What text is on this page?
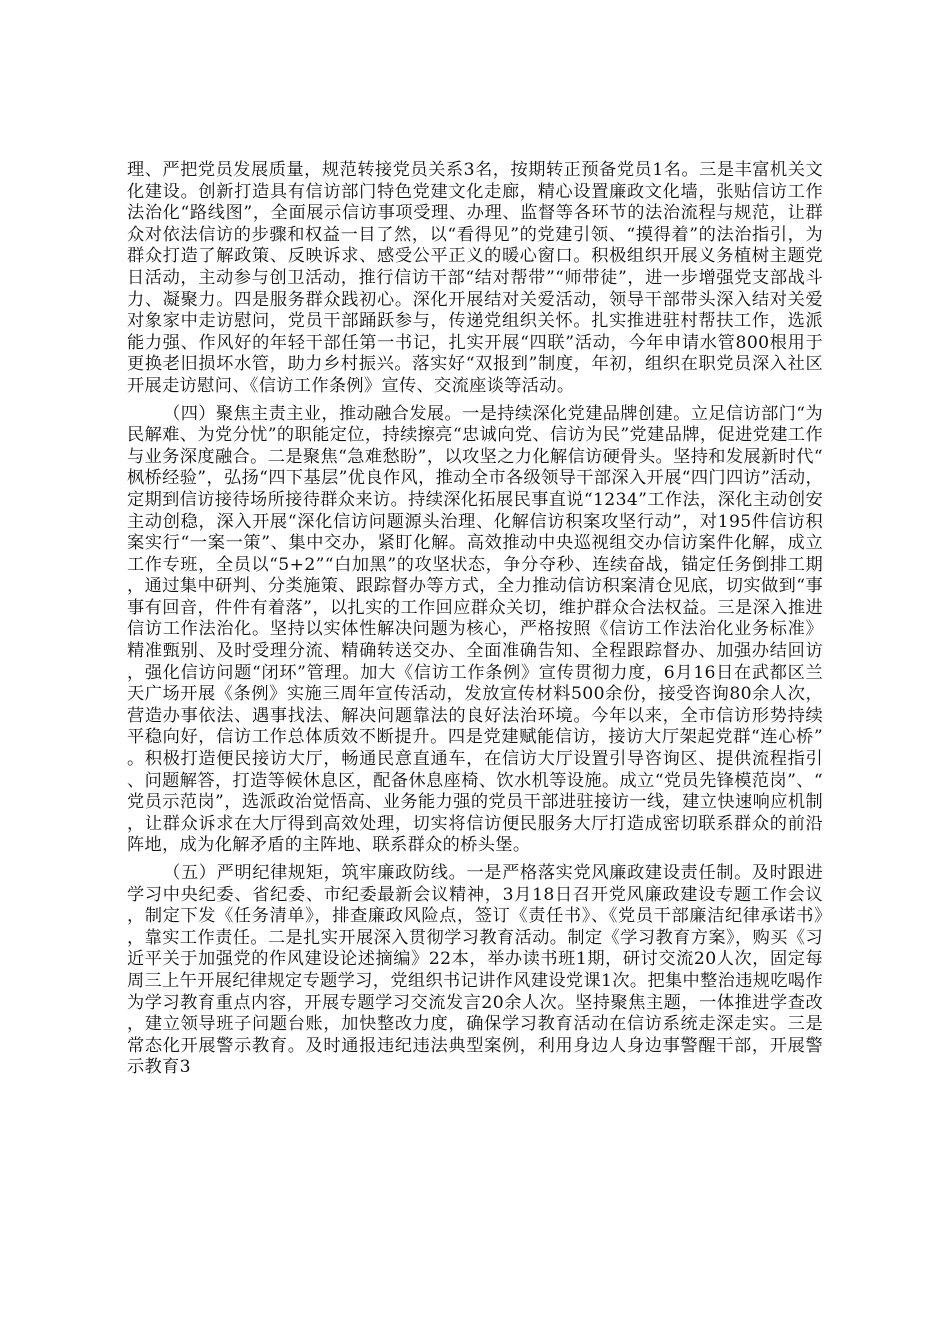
理、严把党员发展质量，规范转接党员关系3名，按期转正预备党员1名。三是丰富机关文化建设。创新打造具有信访部门特色党建文化走廊，精心设置廉政文化墙，张贴信访工作法治化“路线图”，全面展示信访事项受理、办理、监督等各环节的法治流程与规范，让群众对依法信访的步骤和权益一目了然，以“看得见”的党建引领、“摸得着”的法治指引，为群众打造了解政策、反映诉求、感受公平正义的暖心窗口。积极组织开展义务植树主题党日活动，主动参与创卫活动，推行信访干部“结对帮带”“师带徒”，进一步增强党支部战斗力、凝聚力。四是服务群众践初心。深化开展结对关爱活动，领导干部带头深入结对关爱对象家中走访慰问，党员干部踊跃参与，传递党组织关怀。扎实推进驻村帮扶工作，选派能力强、作风好的年轻干部任第一书记，扎实开展“四联”活动，今年申请水管800根用于更换老旧损坏水管，助力乡村振兴。落实好“双报到”制度，年初，组织在职党员深入社区开展走访慰问、《信访工作条例》宣传、交流座谈等活动。

（四）聚焦主责主业，推动融合发展。一是持续深化党建品牌创建。立足信访部门“为民解难、为党分忧”的职能定位，持续擦亮“忠诚向党、信访为民”党建品牌，促进党建工作与业务深度融合。二是聚焦“急难愁盼”，以攻坚之力化解信访硬骨头。坚持和发展新时代“枫桥经验”，弘扬“四下基层”优良作风，推动全市各级领导干部深入开展“四门四访”活动，定期到信访接待场所接待群众来访。持续深化拓展民事直说“1234”工作法，深化主动创安主动创稳，深入开展“深化信访问题源头治理、化解信访积案攻坚行动”，对195件信访积案实行“一案一策”、集中交办，紧盯化解。高效推动中央巡视组交办信访案件化解，成立工作专班，全员以“5+2”“白加黑”的攻坚状态，争分夺秒、连续奋战，锚定任务倒排工期，通过集中研判、分类施策、跟踪督办等方式，全力推动信访积案清仓见底，切实做到“事事有回音，件件有着落”，以扎实的工作回应群众关切，维护群众合法权益。三是深入推进信访工作法治化。坚持以实体性解决问题为核心，严格按照《信访工作法治化业务标准》精准甄别、及时受理分流、精确转送交办、全面准确告知、全程跟踪督办、加强办结回访，强化信访问题“闭环”管理。加大《信访工作条例》宣传贯彻力度，6月16日在武都区兰天广场开展《条例》实施三周年宣传活动，发放宣传材料500余份，接受咨询80余人次，营造办事依法、遇事找法、解决问题靠法的良好法治环境。今年以来，全市信访形势持续平稳向好，信访工作总体质效不断提升。四是党建赋能信访，接访大厅架起党群“连心桥”。积极打造便民接访大厅，畅通民意直通车，在信访大厅设置引导咨询区、提供流程指引、问题解答，打造等候休息区，配备休息座椅、饮水机等设施。成立“党员先锋模范岗”、“党员示范岗”，选派政治觉悟高、业务能力强的党员干部进驻接访一线，建立快速响应机制，让群众诉求在大厅得到高效处理，切实将信访便民服务大厅打造成密切联系群众的前沿阵地，成为化解矛盾的主阵地、联系群众的桥头堡。

（五）严明纪律规矩，筑牢廉政防线。一是严格落实党风廉政建设责任制。及时跟进学习中央纪委、省纪委、市纪委最新会议精神，3月18日召开党风廉政建设专题工作会议，制定下发《任务清单》，排查廉政风险点，签订《责任书》、《党员干部廉洁纪律承诺书》，靠实工作责任。二是扎实开展深入贯彻学习教育活动。制定《学习教育方案》，购买《习近平关于加强党的作风建设论述摘编》22本，举办读书班1期，研讨交流20人次，固定每周三上午开展纪律规定专题学习，党组织书记讲作风建设党课1次。把集中整治违规吃喝作为学习教育重点内容，开展专题学习交流发言20余人次。坚持聚焦主题，一体推进学查改，建立领导班子问题台账，加快整改力度，确保学习教育活动在信访系统走深走实。三是常态化开展警示教育。及时通报违纪违法典型案例，利用身边人身边事警醒干部，开展警示教育3
